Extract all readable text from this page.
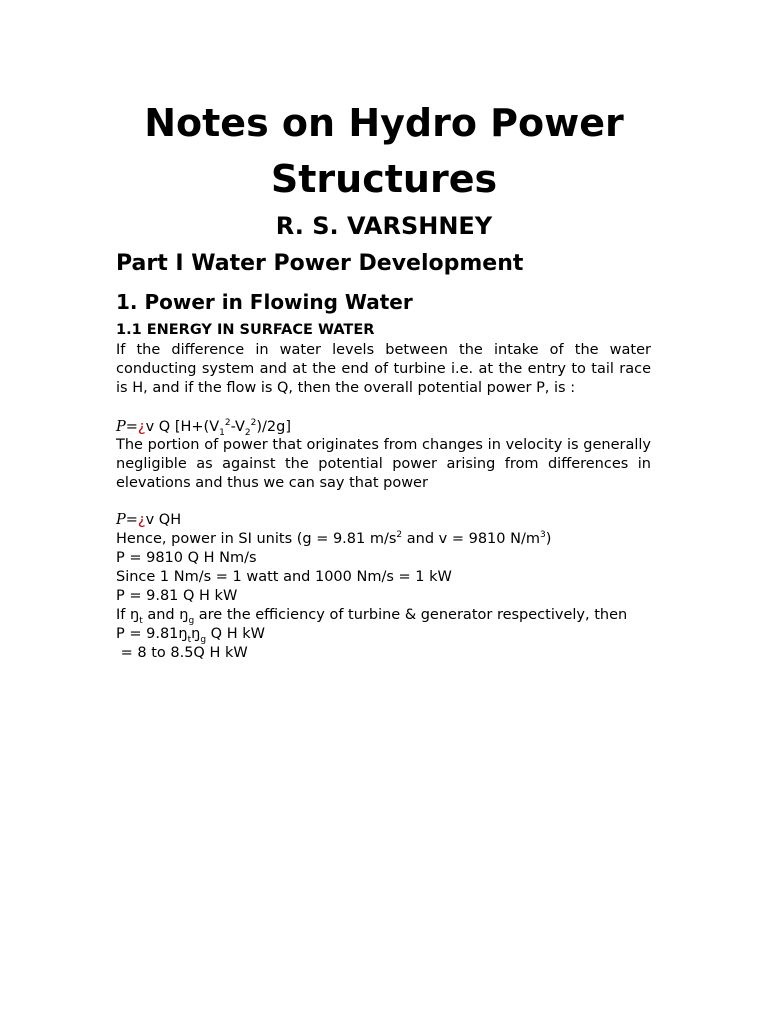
Notes on Hydro Power
Structures
R. S. VARSHNEY
Part I Water Power Development
1. Power in Flowing Water
1.1 ENERGY IN SURFACE WATER

If the difference in water levels between the intake of the water conducting system and at the end of turbine i.e. at the entry to tail race is H, and if the flow is Q, then the overall potential power P, is :

P=¿v Q $[H+(V_1^2-V_2^2)/2g]$

The portion of power that originates from changes in velocity is generally negligible as against the potential power arising from differences in elevations and thus we can say that power

P=¿v QH

Hence, power in SI units (g = 9.81 $m/s^2$ and v = 9810 $N/m^3$)
P = 9810 Q H Nm/s
Since 1 Nm/s = 1 watt and 1000 Nm/s = 1 kW
P = 9.81 Q H kW
If $ŋ_t$ and $ŋ_g$ are the efficiency of turbine & generator respectively, then
$P = 9.81ŋ_tŋ_g$ Q H kW
= 8 to 8.5Q H kW
